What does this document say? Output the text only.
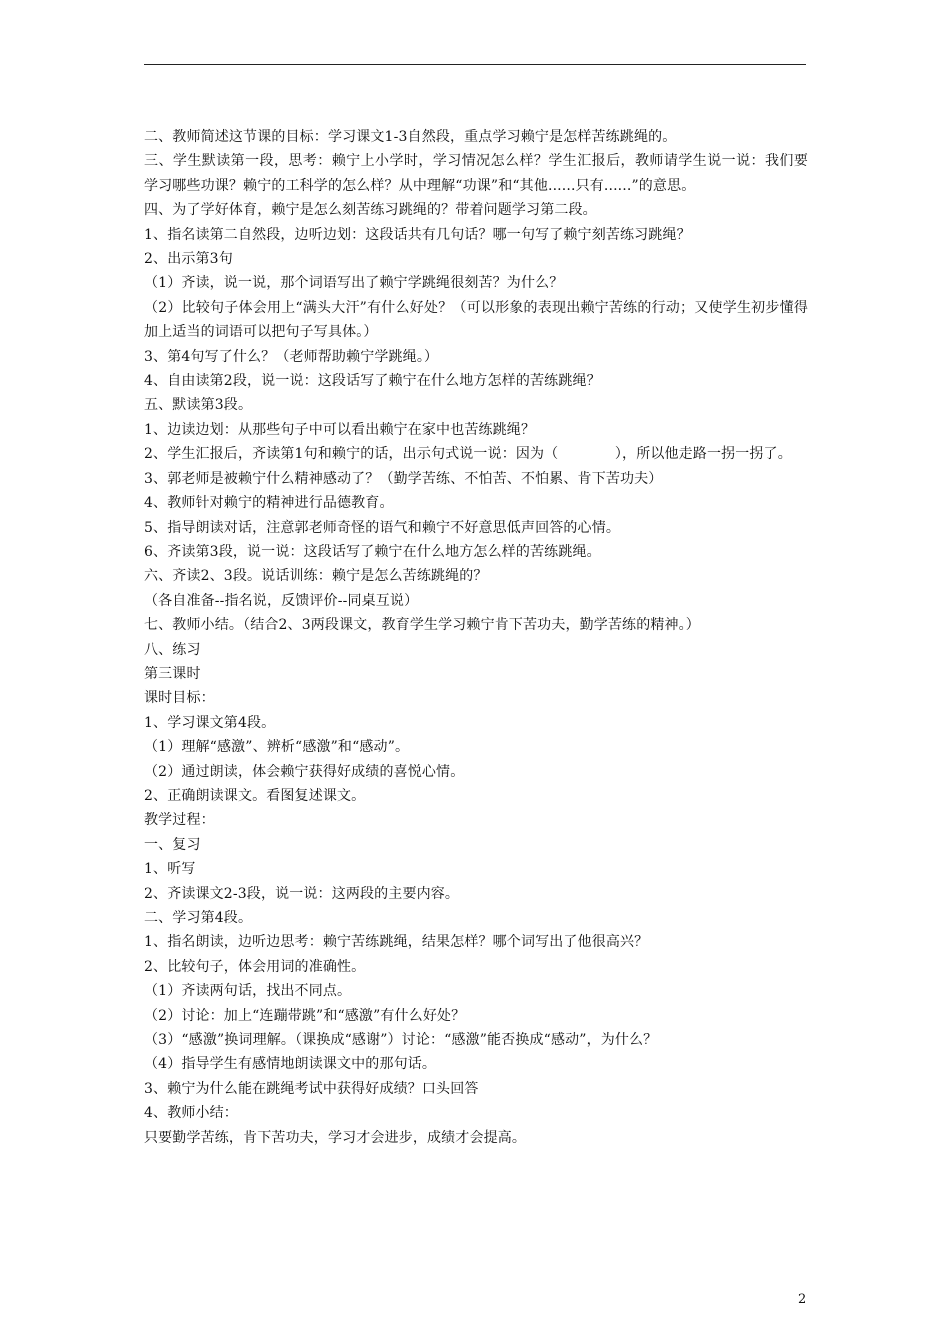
二、教师简述这节课的目标：学习课文1-3自然段，重点学习赖宁是怎样苦练跳绳的。

三、学生默读第一段，思考：赖宁上小学时，学习情况怎么样？学生汇报后，教师请学生说一说：我们要学习哪些功课？赖宁的工科学的怎么样？从中理解“功课”和“其他......只有......”的意思。

四、为了学好体育，赖宁是怎么刻苦练习跳绳的？带着问题学习第二段。

1、指名读第二自然段，边听边划：这段话共有几句话？哪一句写了赖宁刻苦练习跳绳？

2、出示第3句

（1）齐读，说一说，那个词语写出了赖宁学跳绳很刻苦？为什么？

（2）比较句子体会用上“满头大汗”有什么好处？（可以形象的表现出赖宁苦练的行动；又使学生初步懂得加上适当的词语可以把句子写具体。）

3、第4句写了什么？（老师帮助赖宁学跳绳。）

4、自由读第2段，说一说：这段话写了赖宁在什么地方怎样的苦练跳绳？

五、默读第3段。

1、边读边划：从那些句子中可以看出赖宁在家中也苦练跳绳？

2、学生汇报后，齐读第1句和赖宁的话，出示句式说一说：因为（　　　　），所以他走路一拐一拐了。

3、郭老师是被赖宁什么精神感动了？（勤学苦练、不怕苦、不怕累、肯下苦功夫）

4、教师针对赖宁的精神进行品德教育。

5、指导朗读对话，注意郭老师奇怪的语气和赖宁不好意思低声回答的心情。

6、齐读第3段，说一说：这段话写了赖宁在什么地方怎么样的苦练跳绳。

六、齐读2、3段。说话训练：赖宁是怎么苦练跳绳的？

（各自准备--指名说，反馈评价--同桌互说）

七、教师小结。（结合2、3两段课文，教育学生学习赖宁肯下苦功夫，勤学苦练的精神。）

八、练习

第三课时

课时目标：

1、学习课文第4段。

（1）理解“感激”、辨析“感激”和“感动”。

（2）通过朗读，体会赖宁获得好成绩的喜悦心情。

2、正确朗读课文。看图复述课文。

教学过程：

一、复习

1、听写

2、齐读课文2-3段，说一说：这两段的主要内容。

二、学习第4段。

1、指名朗读，边听边思考：赖宁苦练跳绳，结果怎样？哪个词写出了他很高兴？

2、比较句子，体会用词的准确性。

（1）齐读两句话，找出不同点。

（2）讨论：加上“连蹦带跳”和“感激”有什么好处？

（3）“感激”换词理解。（课换成“感谢”）讨论：“感激”能否换成“感动”，为什么？

（4）指导学生有感情地朗读课文中的那句话。

3、赖宁为什么能在跳绳考试中获得好成绩？口头回答

4、教师小结：

只要勤学苦练，肯下苦功夫，学习才会进步，成绩才会提高。

2
